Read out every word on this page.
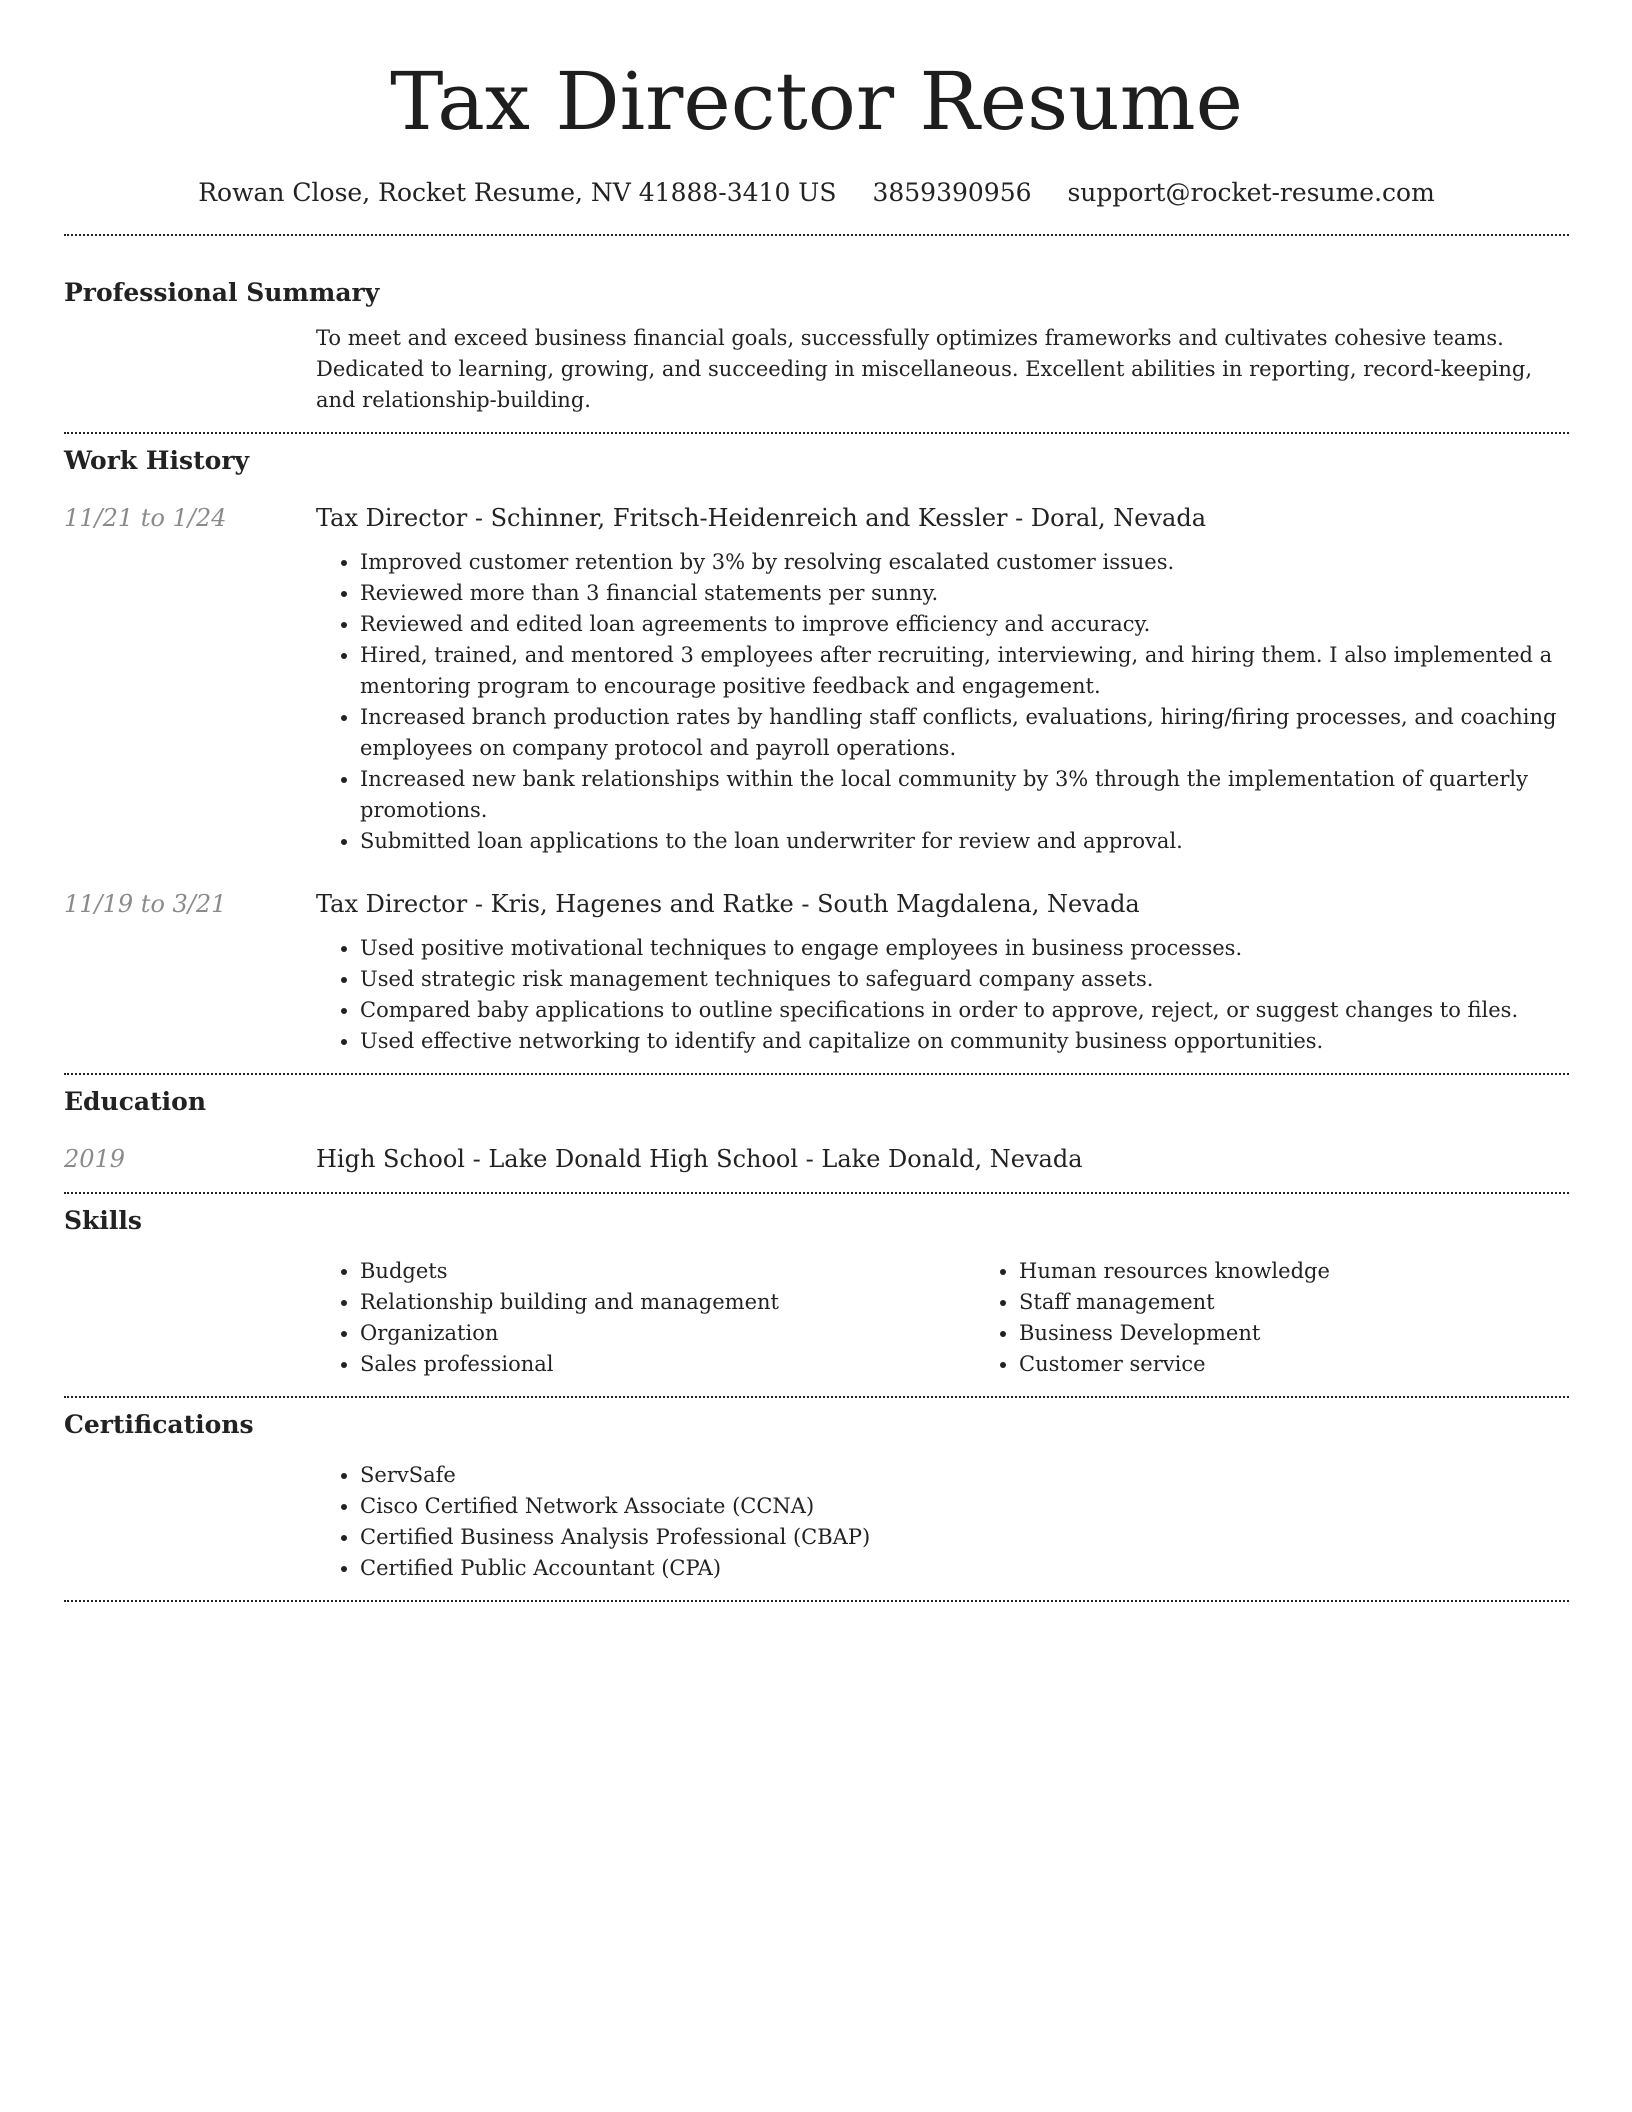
Tax Director Resume
Rowan Close, Rocket Resume, NV 41888-3410 US 3859390956 support@rocket-resume.com
Professional Summary
To meet and exceed business financial goals, successfully optimizes frameworks and cultivates cohesive teams. Dedicated to learning, growing, and succeeding in miscellaneous. Excellent abilities in reporting, record-keeping, and relationship-building.
Work History
11/21 to 1/24	Tax Director - Schinner, Fritsch-Heidenreich and Kessler - Doral, Nevada
• Improved customer retention by 3% by resolving escalated customer issues.
• Reviewed more than 3 financial statements per sunny.
• Reviewed and edited loan agreements to improve efficiency and accuracy.
• Hired, trained, and mentored 3 employees after recruiting, interviewing, and hiring them. I also implemented a mentoring program to encourage positive feedback and engagement.
• Increased branch production rates by handling staff conflicts, evaluations, hiring/firing processes, and coaching employees on company protocol and payroll operations.
• Increased new bank relationships within the local community by 3% through the implementation of quarterly promotions.
• Submitted loan applications to the loan underwriter for review and approval.
11/19 to 3/21	Tax Director - Kris, Hagenes and Ratke - South Magdalena, Nevada
• Used positive motivational techniques to engage employees in business processes.
• Used strategic risk management techniques to safeguard company assets.
• Compared baby applications to outline specifications in order to approve, reject, or suggest changes to files.
• Used effective networking to identify and capitalize on community business opportunities.
Education
2019	High School - Lake Donald High School - Lake Donald, Nevada
Skills
• Budgets
• Relationship building and management
• Organization
• Sales professional
• Human resources knowledge
• Staff management
• Business Development
• Customer service
Certifications
• ServSafe
• Cisco Certified Network Associate (CCNA)
• Certified Business Analysis Professional (CBAP)
• Certified Public Accountant (CPA)
